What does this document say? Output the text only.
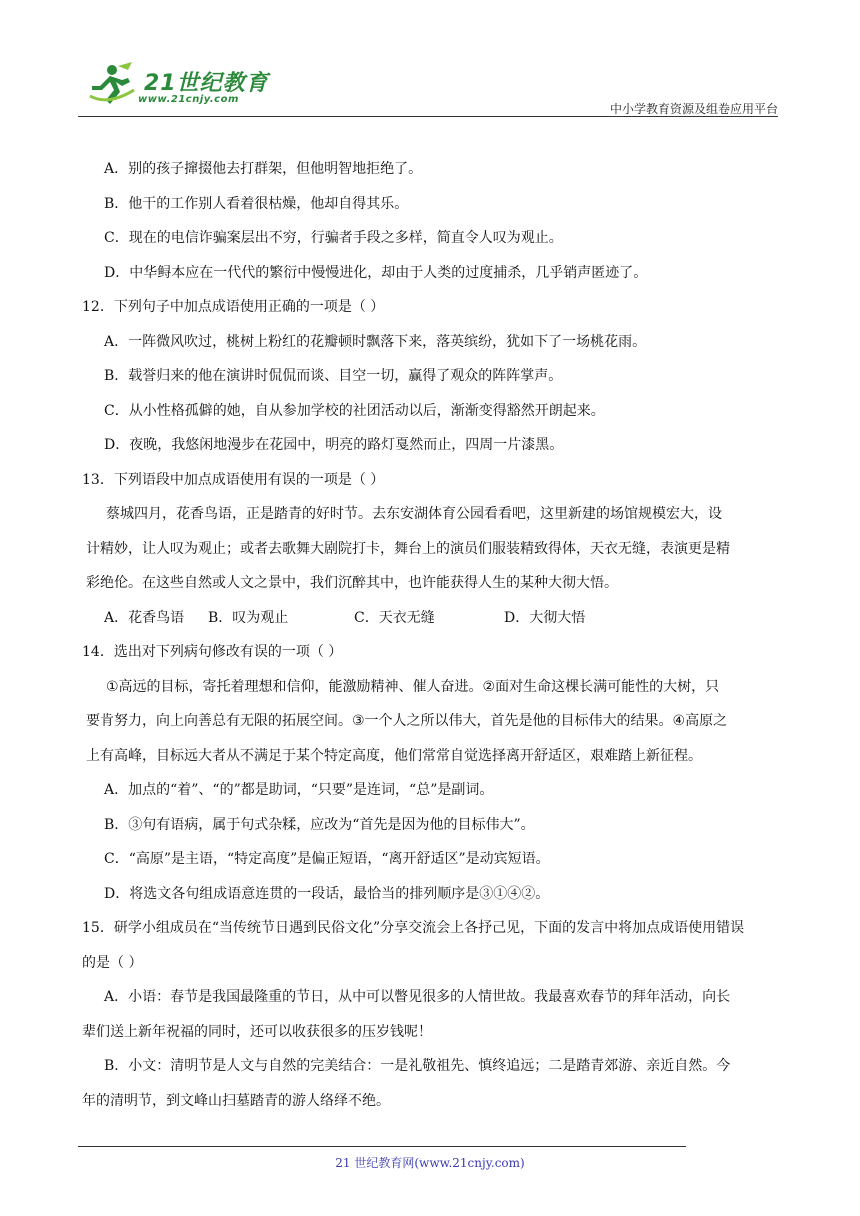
21世纪教育
www.21cnjy.com
中小学教育资源及组卷应用平台
A．别的孩子撺掇他去打群架，但他明智地拒绝了。
B．他干的工作别人看着很枯燥，他却自得其乐。
C．现在的电信诈骗案层出不穷，行骗者手段之多样，简直令人叹为观止。
D．中华鲟本应在一代代的繁衍中慢慢进化，却由于人类的过度捕杀，几乎销声匿迹了。
12．下列句子中加点成语使用正确的一项是（ ）
A．一阵微风吹过，桃树上粉红的花瓣顿时飘落下来，落英缤纷，犹如下了一场桃花雨。
B．载誉归来的他在演讲时侃侃而谈、目空一切，赢得了观众的阵阵掌声。
C．从小性格孤僻的她，自从参加学校的社团活动以后，渐渐变得豁然开朗起来。
D．夜晚，我悠闲地漫步在花园中，明亮的路灯戛然而止，四周一片漆黑。
13．下列语段中加点成语使用有误的一项是（ ）
蔡城四月，花香鸟语，正是踏青的好时节。去东安湖体育公园看看吧，这里新建的场馆规模宏大，设
计精妙，让人叹为观止；或者去歌舞大剧院打卡，舞台上的演员们服装精致得体，天衣无缝，表演更是精
彩绝伦。在这些自然或人文之景中，我们沉醉其中，也许能获得人生的某种大彻大悟。
A．花香鸟语 B．叹为观止	C．天衣无缝	D．大彻大悟
14．选出对下列病句修改有误的一项（ ）
①高远的目标，寄托着理想和信仰，能激励精神、催人奋进。②面对生命这棵长满可能性的大树，只
要肯努力，向上向善总有无限的拓展空间。③一个人之所以伟大，首先是他的目标伟大的结果。④高原之
上有高峰，目标远大者从不满足于某个特定高度，他们常常自觉选择离开舒适区，艰难踏上新征程。
A．加点的“着”、“的”都是助词，“只要”是连词，“总”是副词。
B．③句有语病，属于句式杂糅，应改为“首先是因为他的目标伟大”。
C．“高原”是主语，“特定高度”是偏正短语，“离开舒适区”是动宾短语。
D．将选文各句组成语意连贯的一段话，最恰当的排列顺序是③①④②。
15．研学小组成员在“当传统节日遇到民俗文化”分享交流会上各抒己见，下面的发言中将加点成语使用错误
的是（ ）
A．小语：春节是我国最隆重的节日，从中可以瞥见很多的人情世故。我最喜欢春节的拜年活动，向长
辈们送上新年祝福的同时，还可以收获很多的压岁钱呢！
B．小文：清明节是人文与自然的完美结合：一是礼敬祖先、慎终追远；二是踏青郊游、亲近自然。今
年的清明节，到文峰山扫墓踏青的游人络绎不绝。
21 世纪教育网(www.21cnjy.com)
